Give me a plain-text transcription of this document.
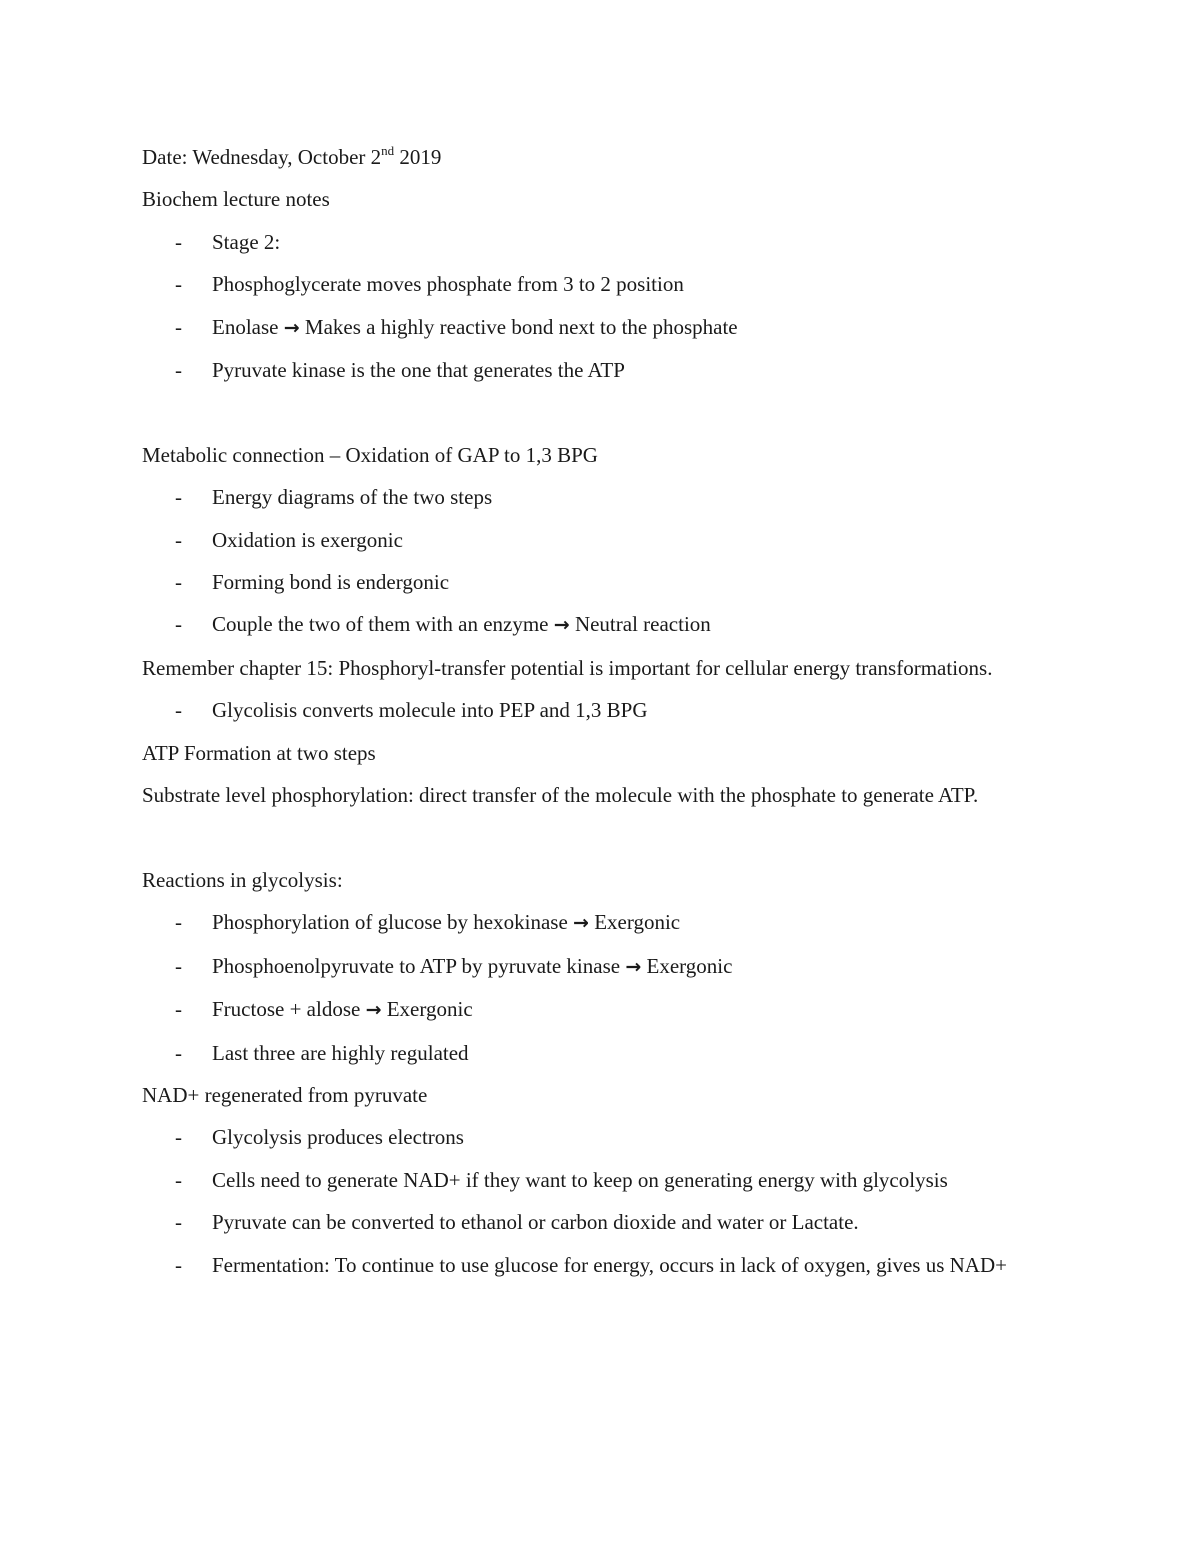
Date: Wednesday, October 2nd 2019

Biochem lecture notes

- Stage 2:

- Phosphoglycerate moves phosphate from 3 to 2 position

- Enolase → Makes a highly reactive bond next to the phosphate

- Pyruvate kinase is the one that generates the ATP

Metabolic connection – Oxidation of GAP to 1,3 BPG

- Energy diagrams of the two steps

- Oxidation is exergonic

- Forming bond is endergonic

- Couple the two of them with an enzyme → Neutral reaction

Remember chapter 15: Phosphoryl-transfer potential is important for cellular energy transformations.

- Glycolisis converts molecule into PEP and 1,3 BPG

ATP Formation at two steps

Substrate level phosphorylation: direct transfer of the molecule with the phosphate to generate ATP.

Reactions in glycolysis:

- Phosphorylation of glucose by hexokinase → Exergonic

- Phosphoenolpyruvate to ATP by pyruvate kinase → Exergonic

- Fructose + aldose → Exergonic

- Last three are highly regulated

NAD+ regenerated from pyruvate

- Glycolysis produces electrons

- Cells need to generate NAD+ if they want to keep on generating energy with glycolysis

- Pyruvate can be converted to ethanol or carbon dioxide and water or Lactate.

- Fermentation: To continue to use glucose for energy, occurs in lack of oxygen, gives us NAD+
